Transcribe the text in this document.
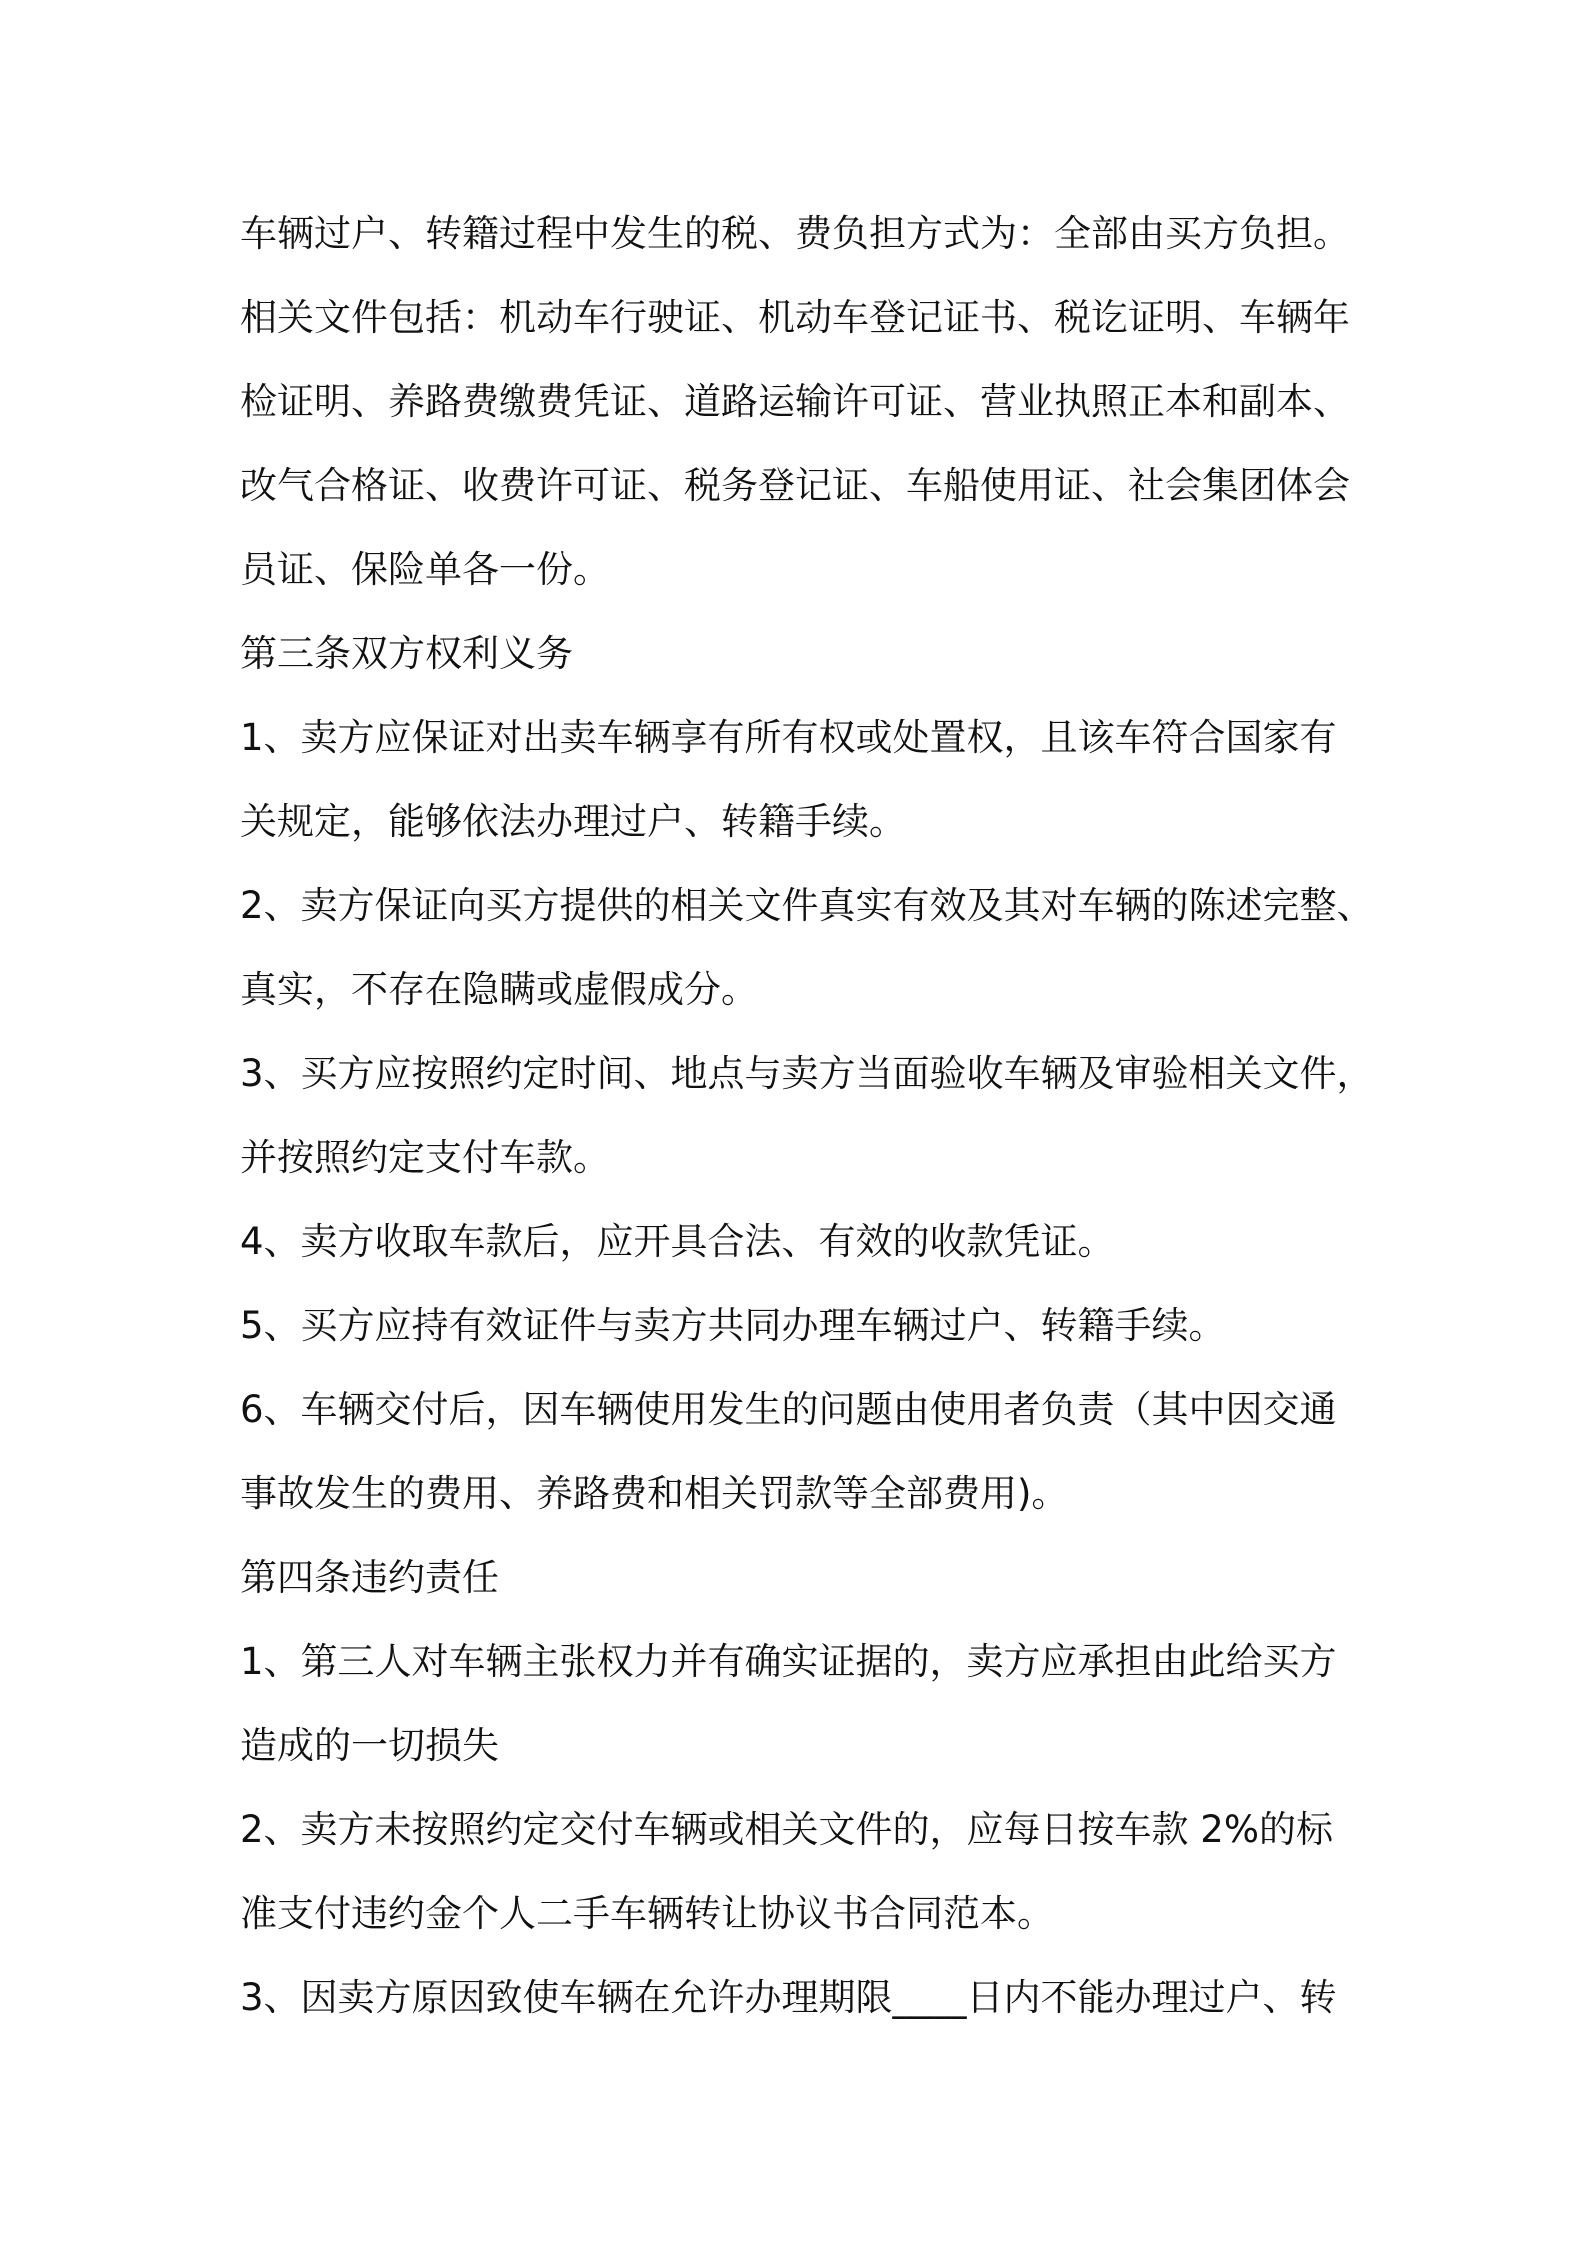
车辆过户、转籍过程中发生的税、费负担方式为：全部由买方负担。

相关文件包括：机动车行驶证、机动车登记证书、税讫证明、车辆年
检证明、养路费缴费凭证、道路运输许可证、营业执照正本和副本、
改气合格证、收费许可证、税务登记证、车船使用证、社会集团体会
员证、保险单各一份。

第三条双方权利义务

1、卖方应保证对出卖车辆享有所有权或处置权，且该车符合国家有
关规定，能够依法办理过户、转籍手续。

2、卖方保证向买方提供的相关文件真实有效及其对车辆的陈述完整、
真实，不存在隐瞒或虚假成分。

3、买方应按照约定时间、地点与卖方当面验收车辆及审验相关文件，
并按照约定支付车款。

4、卖方收取车款后，应开具合法、有效的收款凭证。

5、买方应持有效证件与卖方共同办理车辆过户、转籍手续。

6、车辆交付后，因车辆使用发生的问题由使用者负责（其中因交通
事故发生的费用、养路费和相关罚款等全部费用)。

第四条违约责任

1、第三人对车辆主张权力并有确实证据的，卖方应承担由此给买方
造成的一切损失

2、卖方未按照约定交付车辆或相关文件的，应每日按车款 2%的标
准支付违约金个人二手车辆转让协议书合同范本。

3、因卖方原因致使车辆在允许办理期限____日内不能办理过户、转
